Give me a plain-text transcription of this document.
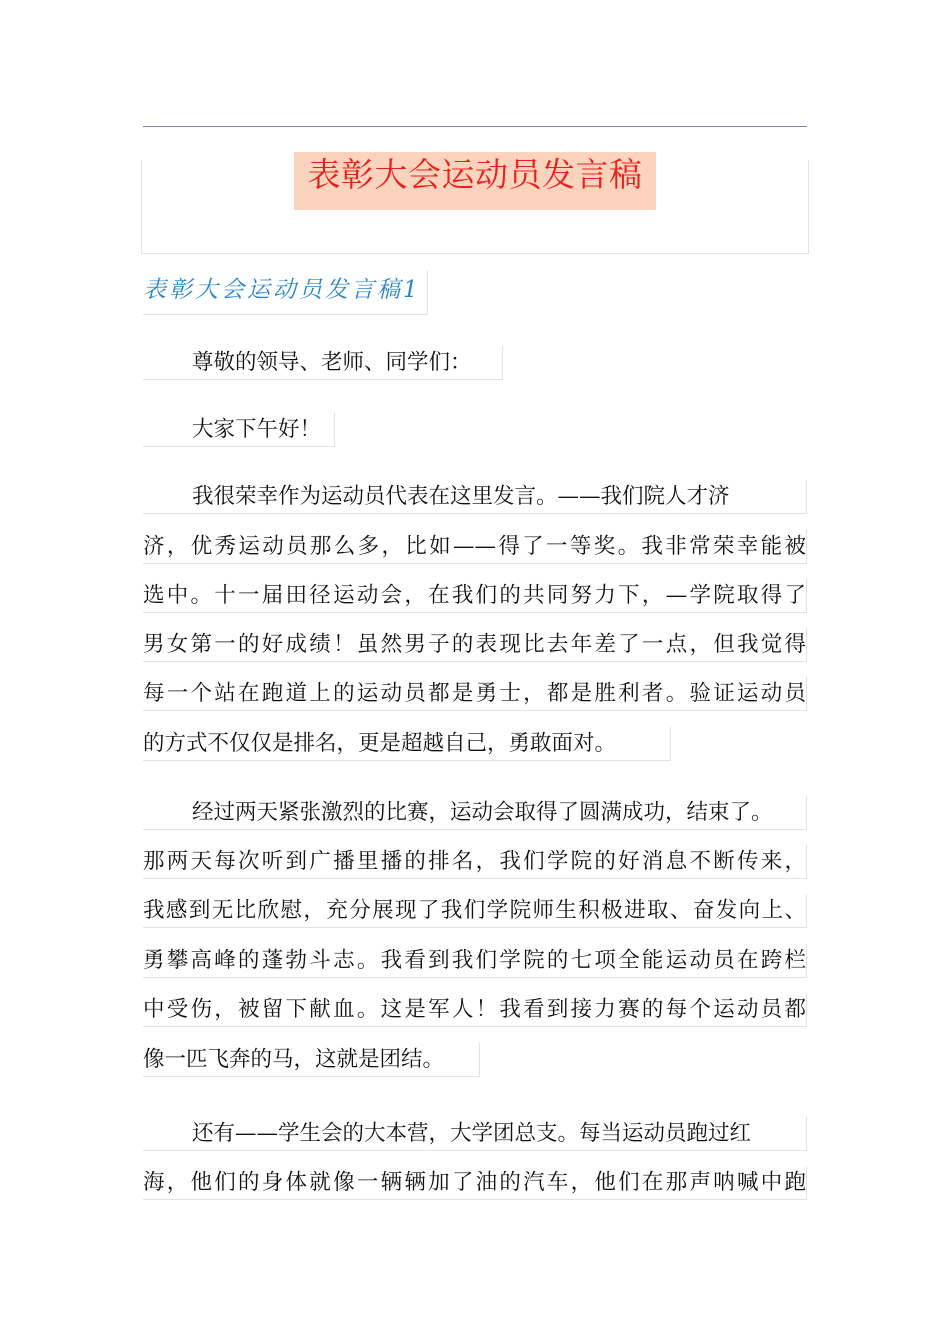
表彰大会运动员发言稿
表彰大会运动员发言稿1
尊敬的领导、老师、同学们：
大家下午好！
我很荣幸作为运动员代表在这里发言。——我们院人才济
济，优秀运动员那么多，比如——得了一等奖。我非常荣幸能被
选中。十一届田径运动会，在我们的共同努力下，—学院取得了
男女第一的好成绩！虽然男子的表现比去年差了一点，但我觉得
每一个站在跑道上的运动员都是勇士，都是胜利者。验证运动员
的方式不仅仅是排名，更是超越自己，勇敢面对。
经过两天紧张激烈的比赛，运动会取得了圆满成功，结束了。
那两天每次听到广播里播的排名，我们学院的好消息不断传来，
我感到无比欣慰，充分展现了我们学院师生积极进取、奋发向上、
勇攀高峰的蓬勃斗志。我看到我们学院的七项全能运动员在跨栏
中受伤，被留下献血。这是军人！我看到接力赛的每个运动员都
像一匹飞奔的马，这就是团结。
还有——学生会的大本营，大学团总支。每当运动员跑过红
海，他们的身体就像一辆辆加了油的汽车，他们在那声呐喊中跑
